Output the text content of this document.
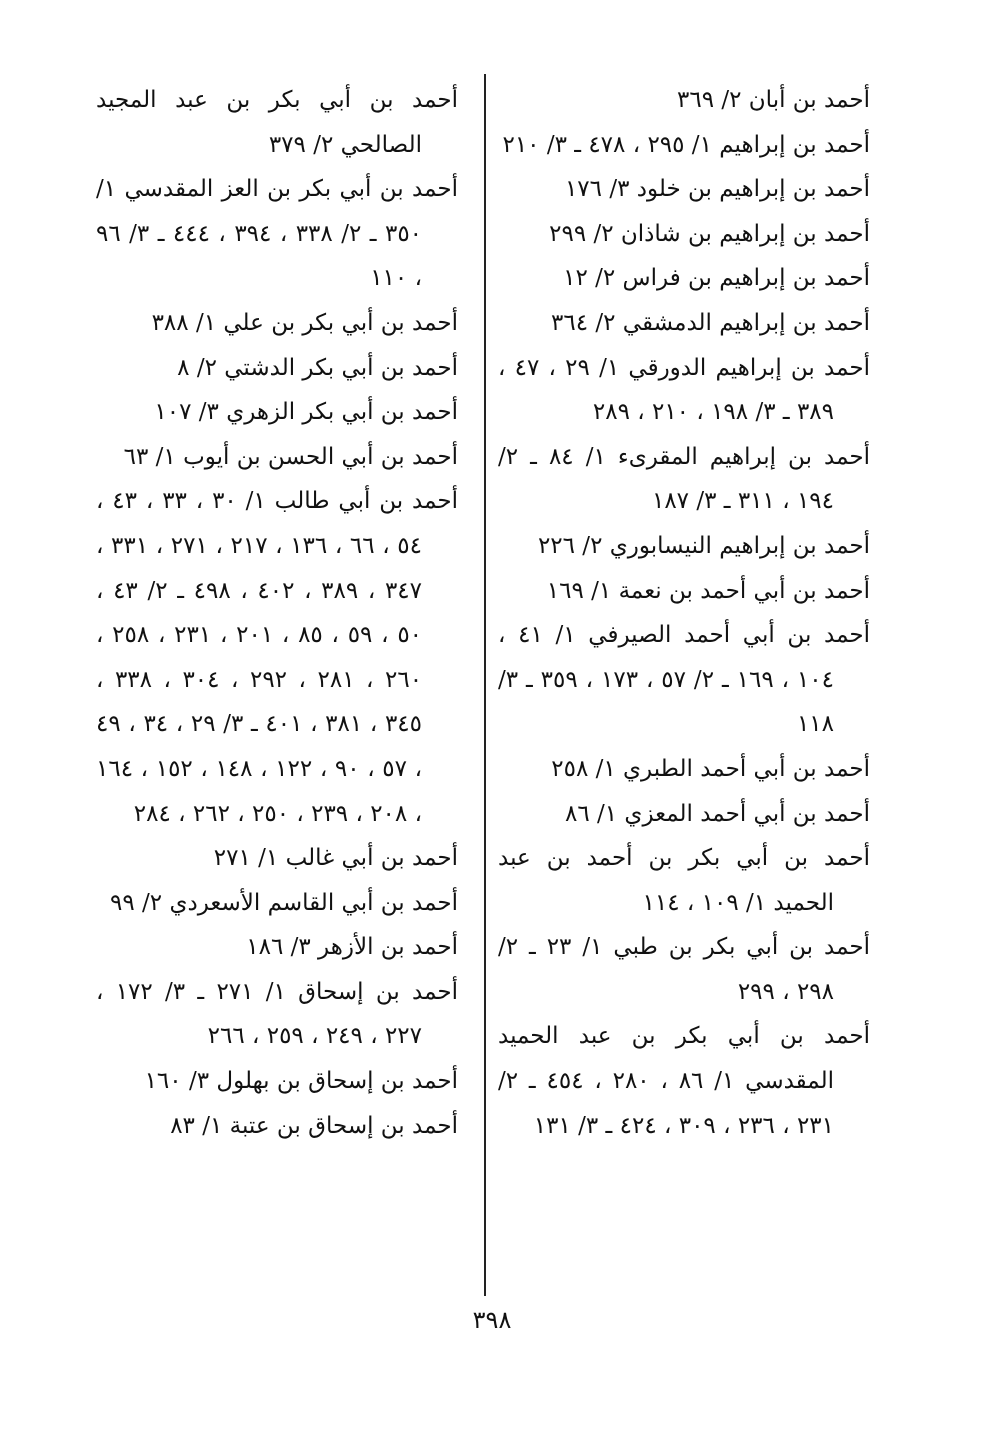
أحمد بن أبان ٢/ ٣٦٩

أحمد بن إبراهيم ١/ ٢٩٥ ، ٤٧٨ ـ ٣/ ٢١٠

أحمد بن إبراهيم بن خلود ٣/ ١٧٦

أحمد بن إبراهيم بن شاذان ٢/ ٢٩٩

أحمد بن إبراهيم بن فراس ٢/ ١٢

أحمد بن إبراهيم الدمشقي ٢/ ٣٦٤

أحمد بن إبراهيم الدورقي ١/ ٢٩ ، ٤٧ ، ٣٨٩ ـ ٣/ ١٩٨ ، ٢١٠ ، ٢٨٩

أحمد بن إبراهيم المقرىء ١/ ٨٤ ـ ٢/ ١٩٤ ، ٣١١ ـ ٣/ ١٨٧

أحمد بن إبراهيم النيسابوري ٢/ ٢٢٦

أحمد بن أبي أحمد بن نعمة ١/ ١٦٩

أحمد بن أبي أحمد الصيرفي ١/ ٤١ ، ١٠٤ ، ١٦٩ ـ ٢/ ٥٧ ، ١٧٣ ، ٣٥٩ ـ ٣/ ١١٨

أحمد بن أبي أحمد الطبري ١/ ٢٥٨

أحمد بن أبي أحمد المعزي ١/ ٨٦

أحمد بن أبي بكر بن أحمد بن عبد الحميد ١/ ١٠٩ ، ١١٤

أحمد بن أبي بكر بن طبي ١/ ٢٣ ـ ٢/ ٢٩٨ ، ٢٩٩

أحمد بن أبي بكر بن عبد الحميد المقدسي ١/ ٨٦ ، ٢٨٠ ، ٤٥٤ ـ ٢/ ٢٣١ ، ٢٣٦ ، ٣٠٩ ، ٤٢٤ ـ ٣/ ١٣١

أحمد بن أبي بكر بن عبد المجيد الصالحي ٢/ ٣٧٩

أحمد بن أبي بكر بن العز المقدسي ١/ ٣٥٠ ـ ٢/ ٣٣٨ ، ٣٩٤ ، ٤٤٤ ـ ٣/ ٩٦ ، ١١٠

أحمد بن أبي بكر بن علي ١/ ٣٨٨

أحمد بن أبي بكر الدشتي ٢/ ٨

أحمد بن أبي بكر الزهري ٣/ ١٠٧

أحمد بن أبي الحسن بن أيوب ١/ ٦٣

أحمد بن أبي طالب ١/ ٣٠ ، ٣٣ ، ٤٣ ، ٥٤ ، ٦٦ ، ١٣٦ ، ٢١٧ ، ٢٧١ ، ٣٣١ ، ٣٤٧ ، ٣٨٩ ، ٤٠٢ ، ٤٩٨ ـ ٢/ ٤٣ ، ٥٠ ، ٥٩ ، ٨٥ ، ٢٠١ ، ٢٣١ ، ٢٥٨ ، ٢٦٠ ، ٢٨١ ، ٢٩٢ ، ٣٠٤ ، ٣٣٨ ، ٣٤٥ ، ٣٨١ ، ٤٠١ ـ ٣/ ٢٩ ، ٣٤ ، ٤٩ ، ٥٧ ، ٩٠ ، ١٢٢ ، ١٤٨ ، ١٥٢ ، ١٦٤ ، ٢٠٨ ، ٢٣٩ ، ٢٥٠ ، ٢٦٢ ، ٢٨٤

أحمد بن أبي غالب ١/ ٢٧١

أحمد بن أبي القاسم الأسعردي ٢/ ٩٩

أحمد بن الأزهر ٣/ ١٨٦

أحمد بن إسحاق ١/ ٢٧١ ـ ٣/ ١٧٢ ، ٢٢٧ ، ٢٤٩ ، ٢٥٩ ، ٢٦٦

أحمد بن إسحاق بن بهلول ٣/ ١٦٠

أحمد بن إسحاق بن عتبة ١/ ٨٣

٣٩٨
